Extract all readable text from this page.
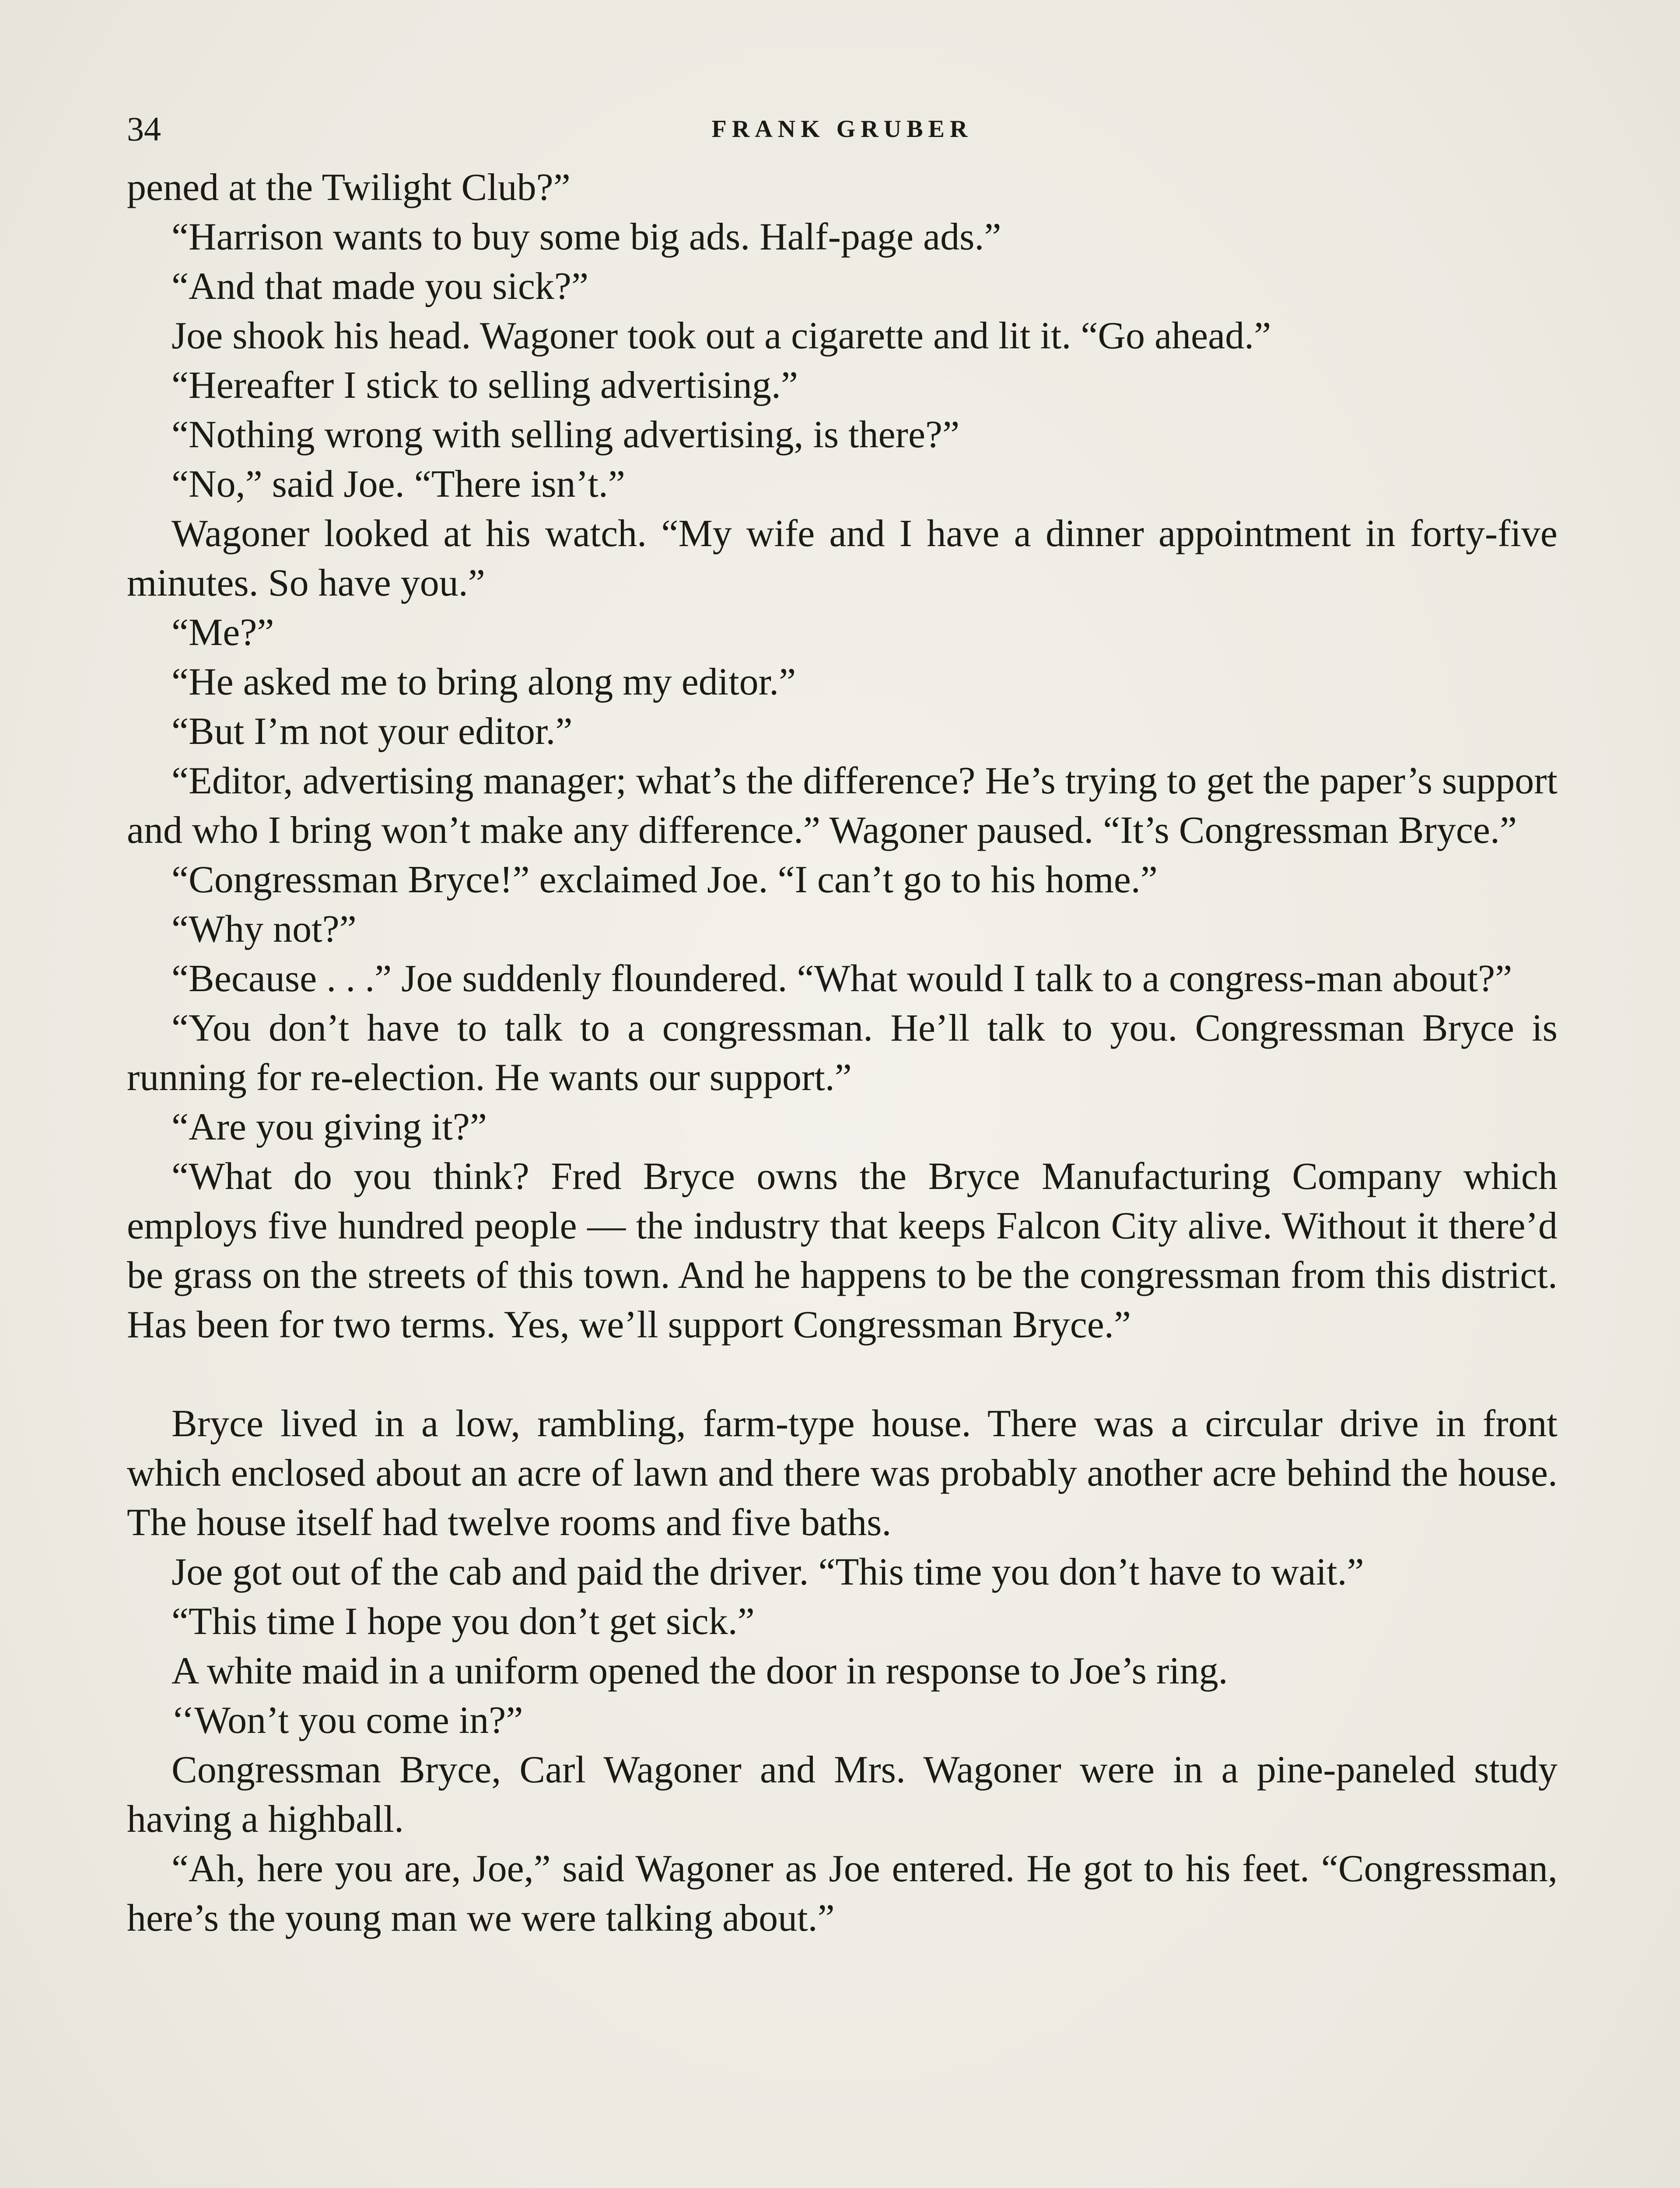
34	FRANK GRUBER

pened at the Twilight Club?”

“Harrison wants to buy some big ads. Half-page ads.”

“And that made you sick?”

Joe shook his head. Wagoner took out a cigarette and lit it. “Go ahead.”

“Hereafter I stick to selling advertising.”

“Nothing wrong with selling advertising, is there?”

“No,” said Joe. “There isn’t.”

Wagoner looked at his watch. “My wife and I have a dinner appointment in forty-five minutes. So have you.”

“Me?”

“He asked me to bring along my editor.”

“But I’m not your editor.”

“Editor, advertising manager; what’s the difference? He’s trying to get the paper’s support and who I bring won’t make any difference.” Wagoner paused. “It’s Congressman Bryce.”

“Congressman Bryce!” exclaimed Joe. “I can’t go to his home.”

“Why not?”

“Because . . .” Joe suddenly floundered. “What would I talk to a congress-man about?”

“You don’t have to talk to a congressman. He’ll talk to you. Congressman Bryce is running for re-election. He wants our support.”

“Are you giving it?”

“What do you think? Fred Bryce owns the Bryce Manufacturing Company which employs five hundred people — the industry that keeps Falcon City alive. Without it there’d be grass on the streets of this town. And he happens to be the congressman from this district. Has been for two terms. Yes, we’ll support Congressman Bryce.”

Bryce lived in a low, rambling, farm-type house. There was a circular drive in front which enclosed about an acre of lawn and there was probably another acre behind the house. The house itself had twelve rooms and five baths.

Joe got out of the cab and paid the driver. “This time you don’t have to wait.”

“This time I hope you don’t get sick.”

A white maid in a uniform opened the door in response to Joe’s ring.

‘‘Won’t you come in?”

Congressman Bryce, Carl Wagoner and Mrs. Wagoner were in a pine-paneled study having a highball.

“Ah, here you are, Joe,” said Wagoner as Joe entered. He got to his feet. “Congressman, here’s the young man we were talking about.”
